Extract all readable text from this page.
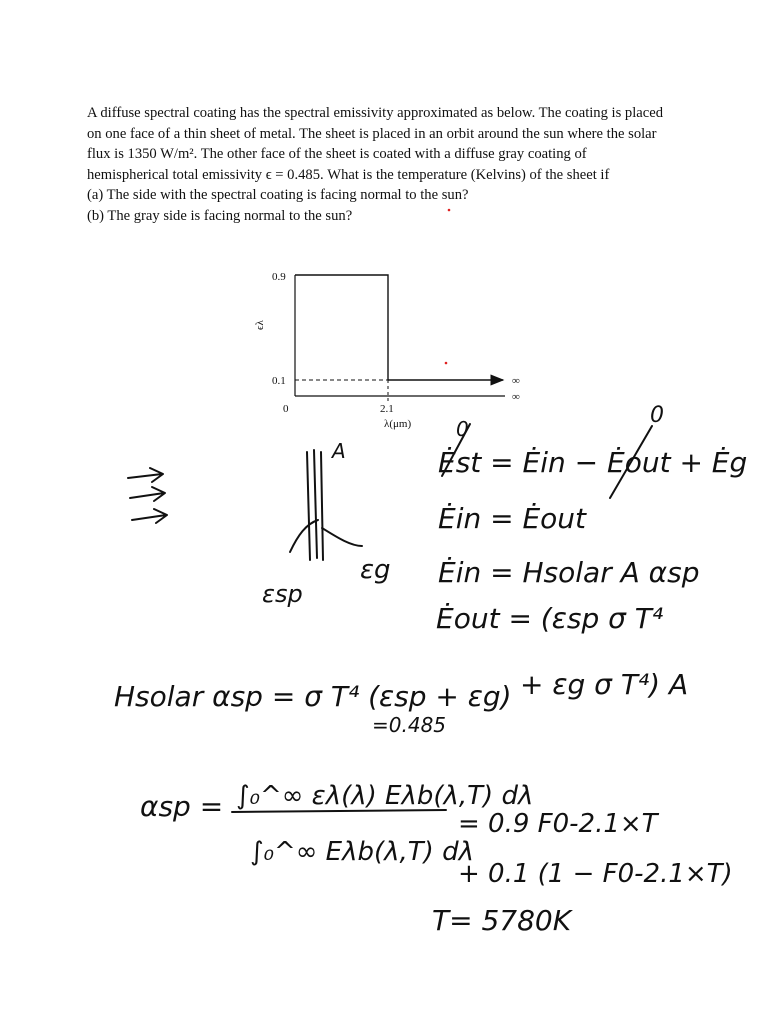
A diffuse spectral coating has the spectral emissivity approximated as below. The coating is placed on one face of a thin sheet of metal. The sheet is placed in an orbit around the sun where the solar flux is 1350 W/m². The other face of the sheet is coated with a diffuse gray coating of hemispherical total emissivity ϵ = 0.485. What is the temperature (Kelvins) of the sheet if

(a) The side with the spectral coating is facing normal to the sun?
(b) The gray side is facing normal to the sun?
0.9
0.1
0	2.1
∞
∞
λ(μm)
ϵλ
A
εsp
εg
Ėst = Ėin − Ėout + Ėg
0
0
Ėin = Ėout
Ėin = Hsolar A αsp
Ėout = (εsp σ T⁴
+ εg σ T⁴) A
Hsolar αsp = σ T⁴ (εsp + εg)
=0.485
αsp = ∫₀^∞ ελ(λ) Eλb(λ,T) dλ
∫₀^∞ Eλb(λ,T) dλ
= 0.9 F0-2.1×T
+ 0.1 (1 − F0-2.1×T)
T= 5780K
